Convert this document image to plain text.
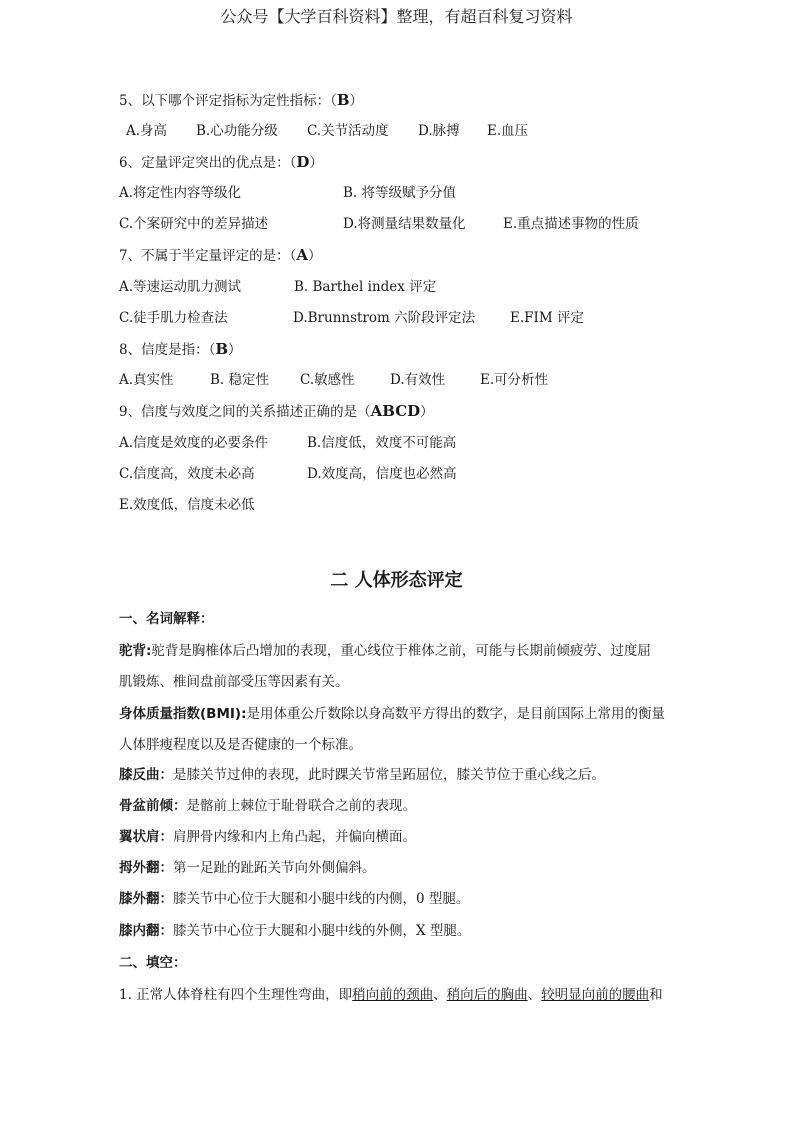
公众号【大学百科资料】整理，有超百科复习资料
5、以下哪个评定指标为定性指标：（B）
A.身高 B.心功能分级 C.关节活动度 D.脉搏 E.血压
6、定量评定突出的优点是：（D）
A.将定性内容等级化	B. 将等级赋予分值
C.个案研究中的差异描述	D.将测量结果数量化	E.重点描述事物的性质
7、不属于半定量评定的是：（A）
A.等速运动肌力测试	B. Barthel index 评定
C.徒手肌力检查法	D.Brunnstrom 六阶段评定法	E.FIM 评定
8、信度是指：（B）
A.真实性	B. 稳定性 C.敏感性	D.有效性	E.可分析性
9、信度与效度之间的关系描述正确的是（ABCD）
A.信度是效度的必要条件	B.信度低，效度不可能高
C.信度高，效度未必高	D.效度高，信度也必然高
E.效度低，信度未必低
二 人体形态评定
一、名词解释：
驼背:驼背是胸椎体后凸增加的表现，重心线位于椎体之前，可能与长期前倾疲劳、过度屈
肌锻炼、椎间盘前部受压等因素有关。
身体质量指数(BMI):是用体重公斤数除以身高数平方得出的数字，是目前国际上常用的衡量
人体胖瘦程度以及是否健康的一个标准。
膝反曲：是膝关节过伸的表现，此时踝关节常呈跖屈位，膝关节位于重心线之后。
骨盆前倾：是髂前上棘位于耻骨联合之前的表现。
翼状肩：肩胛骨内缘和内上角凸起，并偏向横面。
拇外翻：第一足趾的趾跖关节向外侧偏斜。
膝外翻：膝关节中心位于大腿和小腿中线的内侧，0 型腿。
膝内翻：膝关节中心位于大腿和小腿中线的外侧，X 型腿。
二、填空：
1. 正常人体脊柱有四个生理性弯曲，即稍向前的颈曲、稍向后的胸曲、较明显向前的腰曲和
